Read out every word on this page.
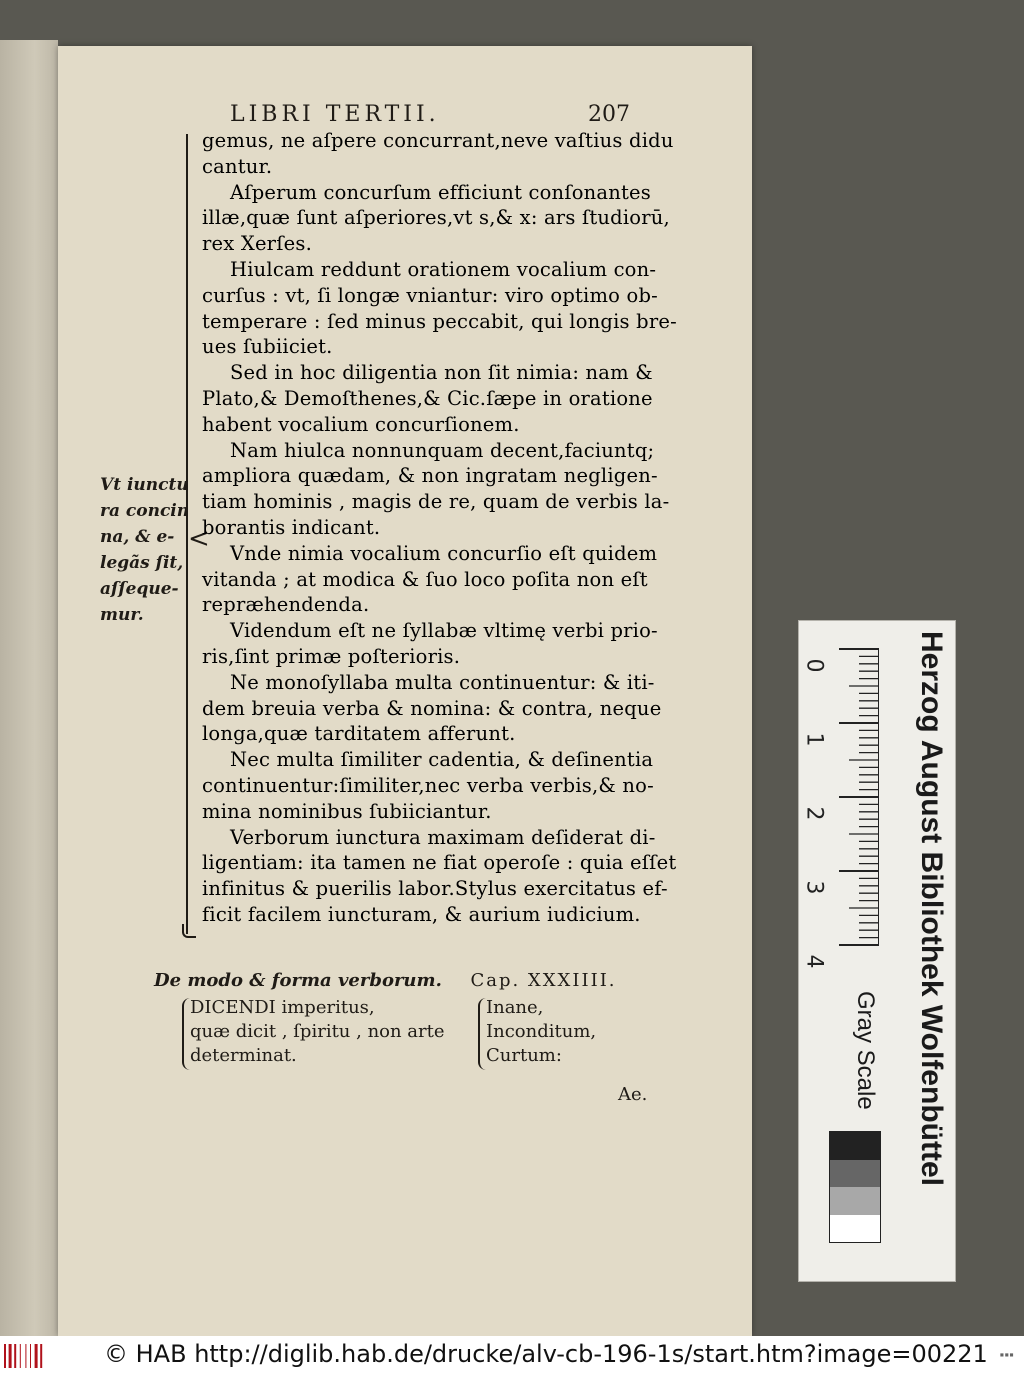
LIBRI TERTII.	207
Vt iunctu
ra concin
na, & e-
legãs ſit,
aſſeque-
mur.
<
gemus, ne aſpere concurrant,neve vaſtius didu
cantur.
Aſperum concurſum efficiunt conſonantes
illæ,quæ ſunt aſperiores,vt s,& x: ars ſtudiorū,
rex Xerſes.
Hiulcam reddunt orationem vocalium con-
curſus : vt, ſi longæ vniantur: viro optimo ob-
temperare : ſed minus peccabit, qui longis bre-
ues ſubiiciet.
Sed in hoc diligentia non ſit nimia: nam &
Plato,& Demoſthenes,& Cic.ſæpe in oratione
habent vocalium concurſionem.
Nam hiulca nonnunquam decent,faciuntq;
ampliora quædam, & non ingratam negligen-
tiam hominis , magis de re, quam de verbis la-
borantis indicant.
Vnde nimia vocalium concurſio eſt quidem
vitanda ; at modica & ſuo loco poſita non eſt
repræhendenda.
Videndum eſt ne ſyllabæ vltimę verbi prio-
ris,ſint primæ poſterioris.
Ne monoſyllaba multa continuentur: & iti-
dem breuia verba & nomina: & contra, neque
longa,quæ tarditatem afferunt.
Nec multa ſimiliter cadentia, & deſinentia
continuentur:ſimiliter,nec verba verbis,& no-
mina nominibus ſubiiciantur.
Verborum iunctura maximam deſiderat di-
ligentiam: ita tamen ne fiat operoſe : quia eſſet
infinitus & puerilis labor.Stylus exercitatus ef-
ficit facilem iuncturam, & aurium iudicium.
De modo & forma verborum. Cap. XXXIIII.
DICENDI imperitus,
quæ dicit , ſpiritu , non arte
determinat.
Inane,
Inconditum,
Curtum:
Ae.
0
1
2
3
4	Herzog August Bibliothek Wolfenbüttel
Gray Scale
© HAB http://diglib.hab.de/drucke/alv-cb-196-1s/start.htm?image=00221 ▪▪▪
